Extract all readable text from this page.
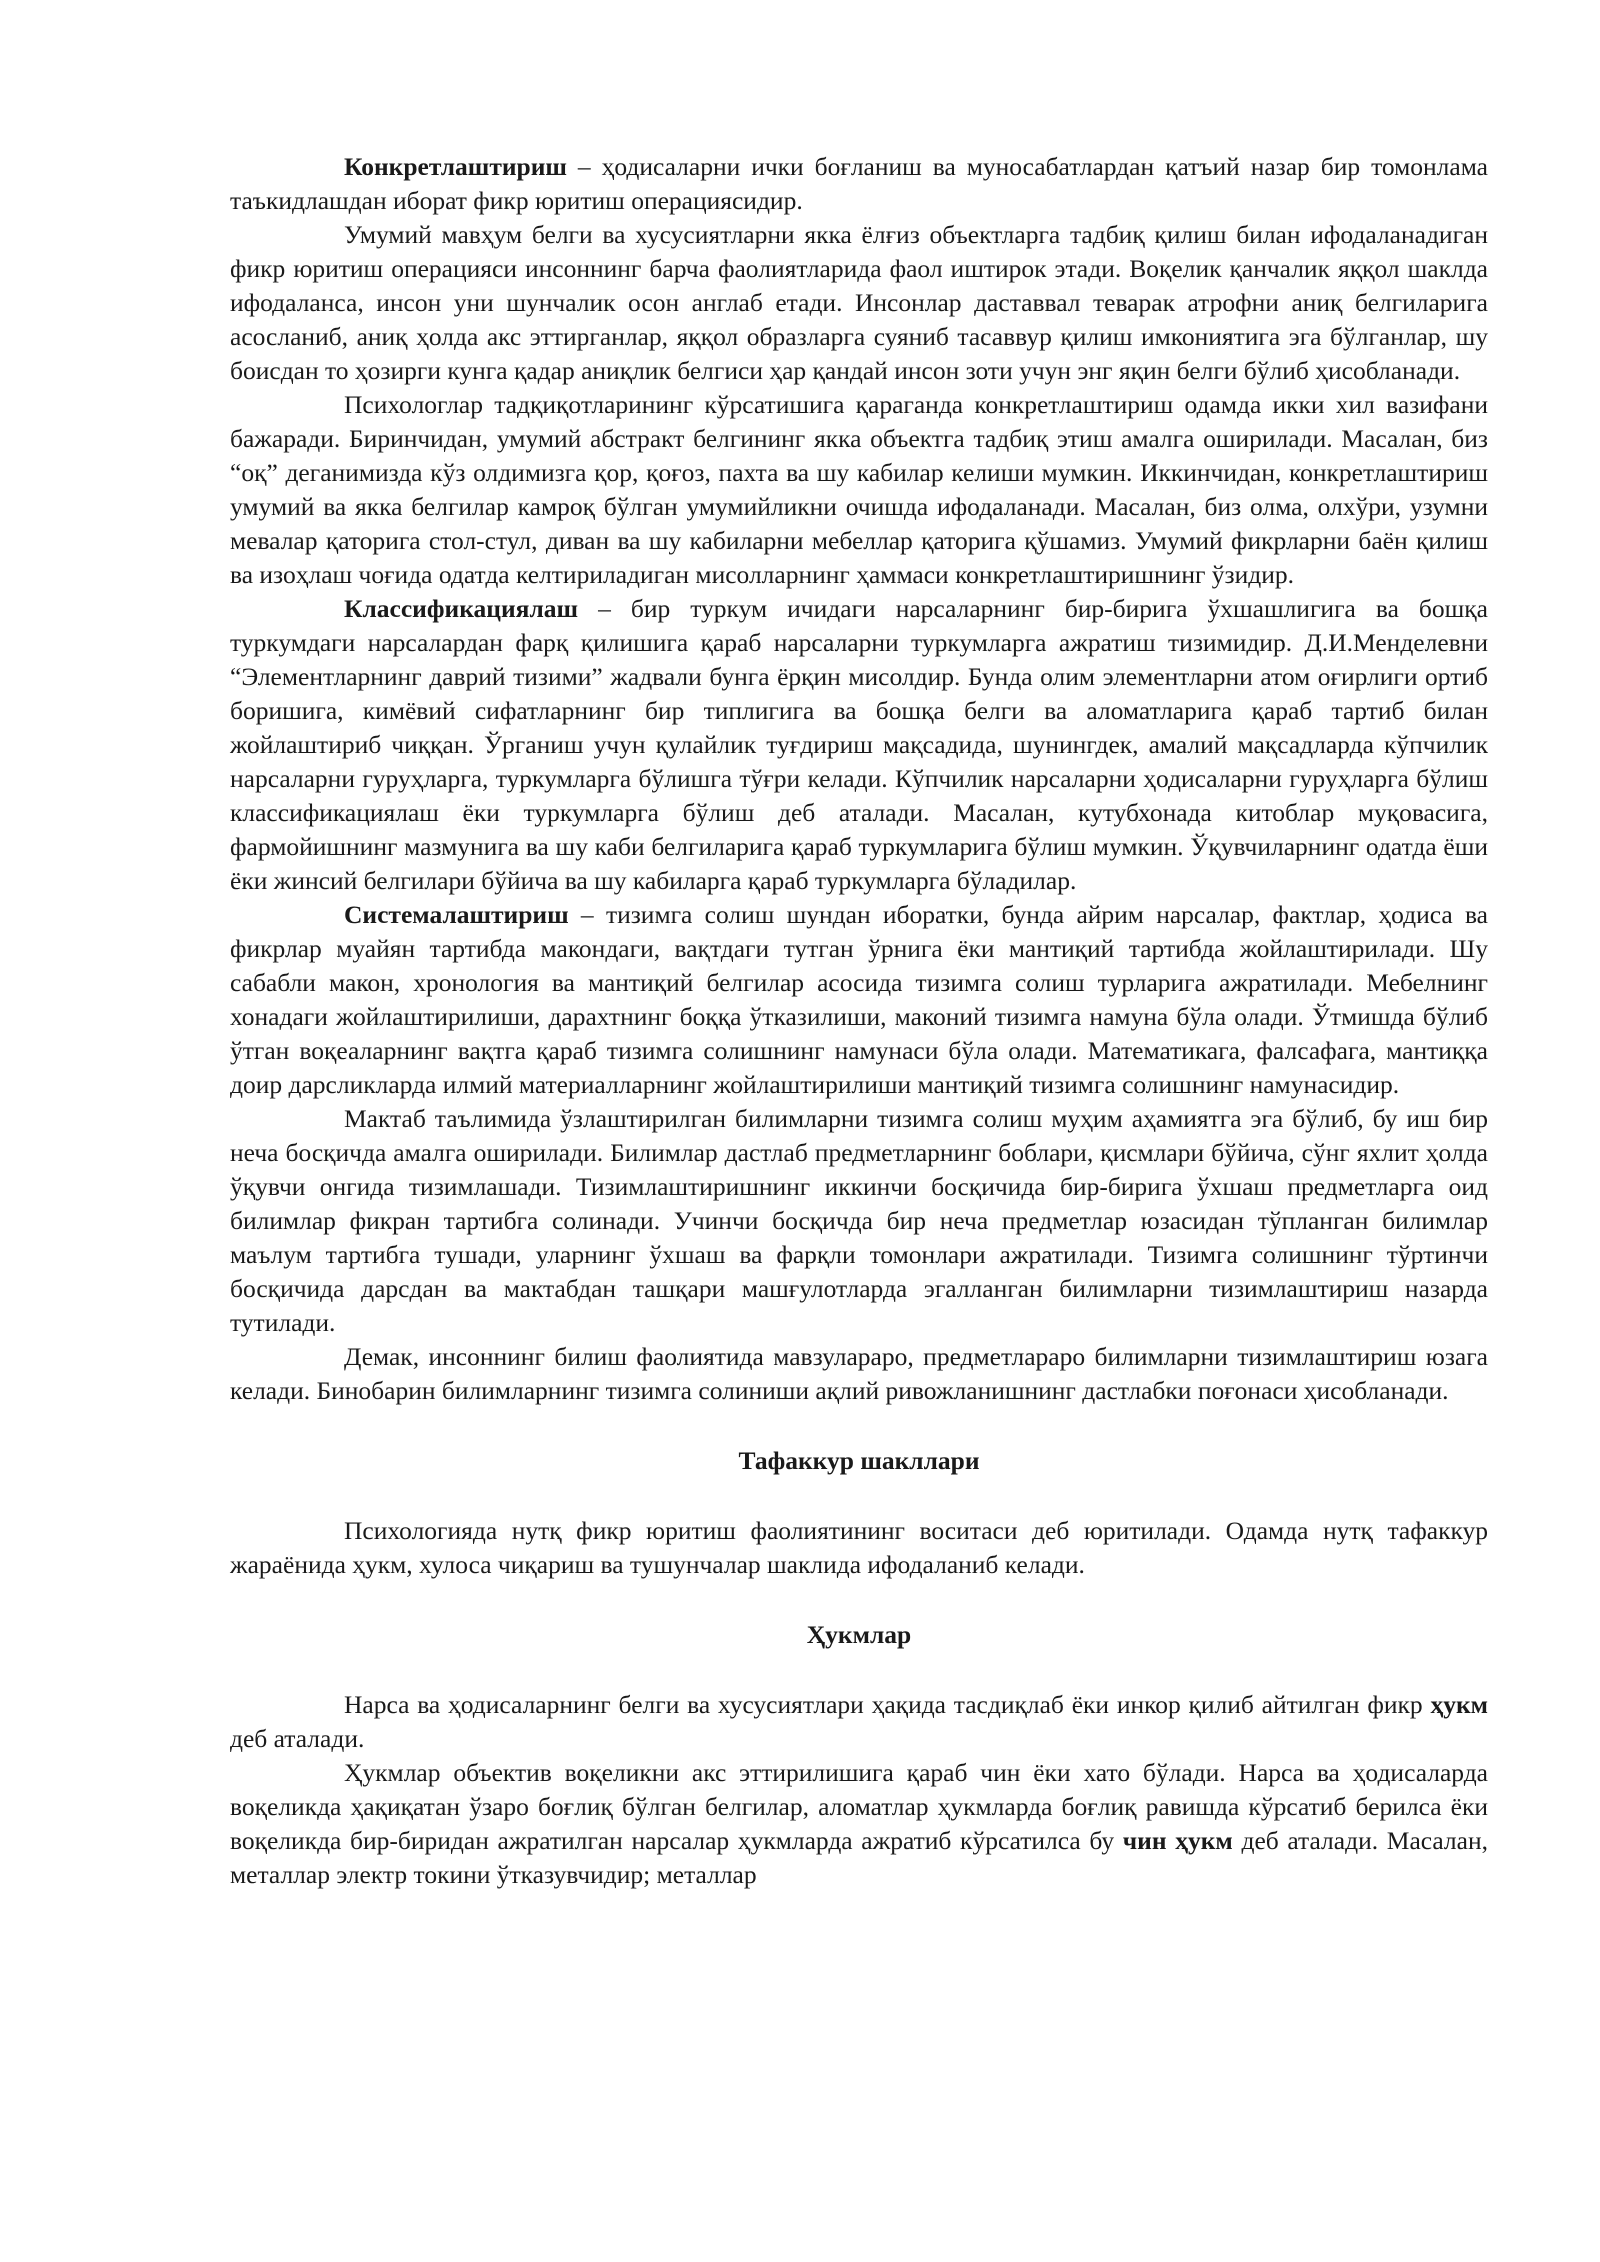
Конкретлаштириш – ҳодисаларни ички боғланиш ва муносабатлардан қатъий назар бир томонлама таъкидлашдан иборат фикр юритиш операциясидир.

Умумий мавҳум белги ва хусусиятларни якка ёлғиз объектларга тадбиқ қилиш билан ифодаланадиган фикр юритиш операцияси инсоннинг барча фаолиятларида фаол иштирок этади. Воқелик қанчалик яққол шаклда ифодаланса, инсон уни шунчалик осон англаб етади. Инсонлар даставвал теварак атрофни аниқ белгиларига асосланиб, аниқ ҳолда акс эттирганлар, яққол образларга суяниб тасаввур қилиш имкониятига эга бўлганлар, шу боисдан то ҳозирги кунга қадар аниқлик белгиси ҳар қандай инсон зоти учун энг яқин белги бўлиб ҳисобланади.

Психологлар тадқиқотларининг кўрсатишига қараганда конкретлаштириш одамда икки хил вазифани бажаради. Биринчидан, умумий абстракт белгининг якка объектга тадбиқ этиш амалга оширилади. Масалан, биз “оқ” деганимизда кўз олдимизга қор, қоғоз, пахта ва шу кабилар келиши мумкин. Иккинчидан, конкретлаштириш умумий ва якка белгилар камроқ бўлган умумийликни очишда ифодаланади. Масалан, биз олма, олхўри, узумни мевалар қаторига стол-стул, диван ва шу кабиларни мебеллар қаторига қўшамиз. Умумий фикрларни баён қилиш ва изоҳлаш чоғида одатда келтириладиган мисолларнинг ҳаммаси конкретлаштиришнинг ўзидир.

Классификациялаш – бир туркум ичидаги нарсаларнинг бир-бирига ўхшашлигига ва бошқа туркумдаги нарсалардан фарқ қилишига қараб нарсаларни туркумларга ажратиш тизимидир. Д.И.Менделевни “Элементларнинг даврий тизими” жадвали бунга ёрқин мисолдир. Бунда олим элементларни атом оғирлиги ортиб боришига, кимёвий сифатларнинг бир типлигига ва бошқа белги ва аломатларига қараб тартиб билан жойлаштириб чиққан. Ўрганиш учун қулайлик туғдириш мақсадида, шунингдек, амалий мақсадларда кўпчилик нарсаларни гуруҳларга, туркумларга бўлишга тўғри келади. Кўпчилик нарсаларни ҳодисаларни гуруҳларга бўлиш классификациялаш ёки туркумларга бўлиш деб аталади. Масалан, кутубхонада китоблар муқовасига, фармойишнинг мазмунига ва шу каби белгиларига қараб туркумларига бўлиш мумкин. Ўқувчиларнинг одатда ёши ёки жинсий белгилари бўйича ва шу кабиларга қараб туркумларга бўладилар.

Систeмалаштириш – тизимга солиш шундан иборатки, бунда айрим нарсалар, фактлар, ҳодиса ва фикрлар муайян тартибда макондаги, вақтдаги тутган ўрнига ёки мантиқий тартибда жойлаштирилади. Шу сабабли макон, хронология ва мантиқий белгилар асосида тизимга солиш турларига ажратилади. Мебелнинг хонадаги жойлаштирилиши, дарахтнинг боққа ўтказилиши, маконий тизимга намуна бўла олади. Ўтмишда бўлиб ўтган воқеаларнинг вақтга қараб тизимга солишнинг намунаси бўла олади. Математикага, фалсафага, мантиққа доир дарсликларда илмий материалларнинг жойлаштирилиши мантиқий тизимга солишнинг намунасидир.

Мактаб таълимида ўзлаштирилган билимларни тизимга солиш муҳим аҳамиятга эга бўлиб, бу иш бир неча босқичда амалга оширилади. Билимлар дастлаб предметларнинг боблари, қисмлари бўйича, сўнг яхлит ҳолда ўқувчи онгида тизимлашади. Тизимлаштиришнинг иккинчи босқичида бир-бирига ўхшаш предметларга оид билимлар фикран тартибга солинади. Учинчи босқичда бир неча предметлар юзасидан тўпланган билимлар маълум тартибга тушади, уларнинг ўхшаш ва фарқли томонлари ажратилади. Тизимга солишнинг тўртинчи босқичида дарсдан ва мактабдан ташқари машғулотларда эгалланган билимларни тизимлаштириш назарда тутилади.

Демак, инсоннинг билиш фаолиятида мавзулараро, предметлараро билимларни тизимлаштириш юзага келади. Бинобарин билимларнинг тизимга солиниши ақлий ривожланишнинг дастлабки поғонаси ҳисобланади.

Тафаккур шакллари

Психологияда нутқ фикр юритиш фаолиятининг воситаси деб юритилади. Одамда нутқ тафаккур жараёнида ҳукм, хулоса чиқариш ва тушунчалар шаклида ифодаланиб келади.

Ҳукмлар

Нарса ва ҳодисаларнинг белги ва хусусиятлари ҳақида тасдиқлаб ёки инкор қилиб айтилган фикр ҳукм деб аталади.

Ҳукмлар объектив воқеликни акс эттирилишига қараб чин ёки хато бўлади. Нарса ва ҳодисаларда воқеликда ҳақиқатан ўзаро боғлиқ бўлган белгилар, аломатлар ҳукмларда боғлиқ равишда кўрсатиб берилса ёки воқеликда бир-биридан ажратилган нарсалар ҳукмларда ажратиб кўрсатилса бу чин ҳукм деб аталади. Масалан, металлар электр токини ўтказувчидир; металлар
